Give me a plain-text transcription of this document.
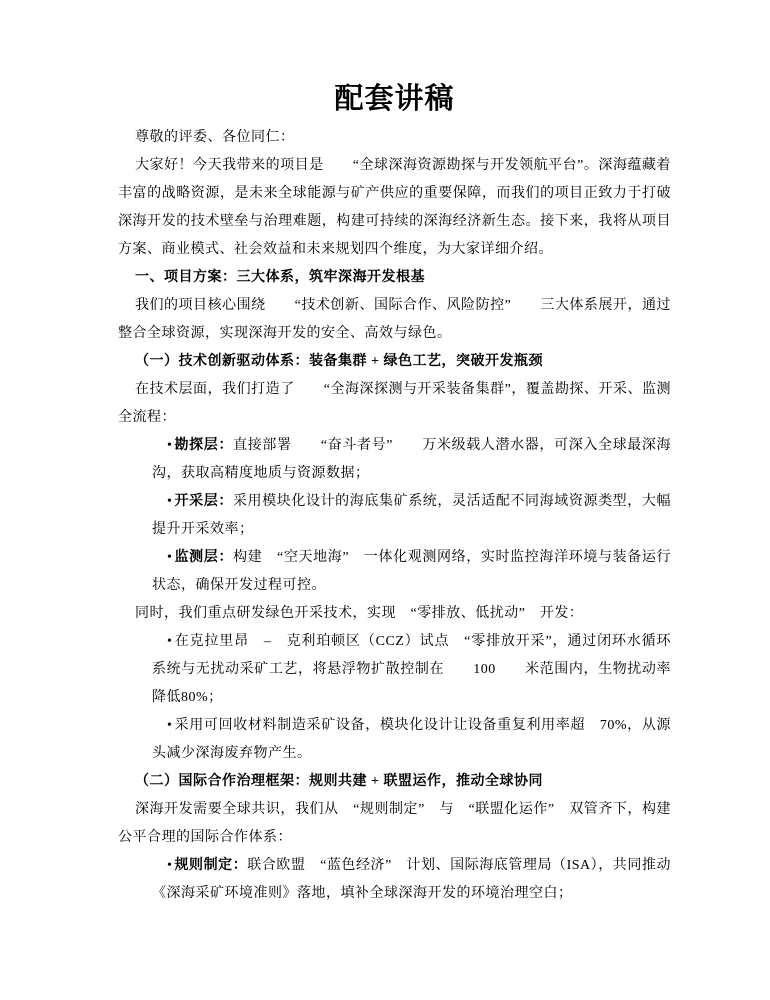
配套讲稿

尊敬的评委、各位同仁：

大家好！今天我带来的项目是　　“全球深海资源勘探与开发领航平台”。深海蕴藏着丰富的战略资源，是未来全球能源与矿产供应的重要保障，而我们的项目正致力于打破深海开发的技术壁垒与治理难题，构建可持续的深海经济新生态。接下来，我将从项目方案、商业模式、社会效益和未来规划四个维度，为大家详细介绍。

一、项目方案：三大体系，筑牢深海开发根基

我们的项目核心围绕　　“技术创新、国际合作、风险防控”　　三大体系展开，通过整合全球资源，实现深海开发的安全、高效与绿色。

（一）技术创新驱动体系：装备集群 + 绿色工艺，突破开发瓶颈

在技术层面，我们打造了　　“全海深探测与开采装备集群”，覆盖勘探、开采、监测全流程：

• 勘探层：直接部署　　“奋斗者号”　　万米级载人潜水器，可深入全球最深海沟，获取高精度地质与资源数据；
• 开采层：采用模块化设计的海底集矿系统，灵活适配不同海域资源类型，大幅提升开采效率；
• 监测层：构建　“空天地海”　一体化观测网络，实时监控海洋环境与装备运行状态，确保开发过程可控。

同时，我们重点研发绿色开采技术，实现　“零排放、低扰动”　开发：

• 在克拉里昂　–　克利珀顿区（CCZ）试点　“零排放开采”，通过闭环水循环系统与无扰动采矿工艺，将悬浮物扩散控制在　　100　　米范围内，生物扰动率降低80%；
• 采用可回收材料制造采矿设备，模块化设计让设备重复利用率超　70%，从源头减少深海废弃物产生。
（二）国际合作治理框架：规则共建 + 联盟运作，推动全球协同

深海开发需要全球共识，我们从　“规则制定”　与　“联盟化运作”　双管齐下，构建公平合理的国际合作体系：

• 规则制定：联合欧盟　“蓝色经济”　计划、国际海底管理局（ISA），共同推动《深海采矿环境准则》落地，填补全球深海开发的环境治理空白；
